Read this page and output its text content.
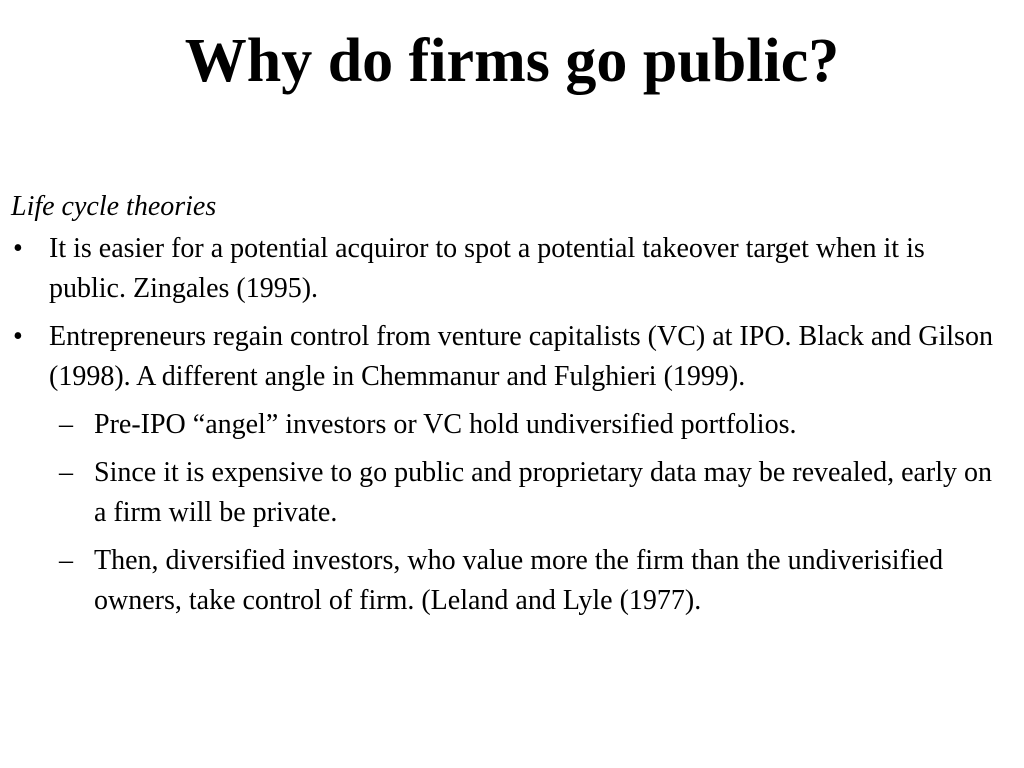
Why do firms go public?
Life cycle theories
• It is easier for a potential acquiror to spot a potential takeover target when it is public. Zingales (1995).
• Entrepreneurs regain control from venture capitalists (VC) at IPO. Black and Gilson (1998). A different angle in Chemmanur and Fulghieri (1999).
– Pre-IPO “angel” investors or VC hold undiversified portfolios.
– Since it is expensive to go public and proprietary data may be revealed, early on a firm will be private.
– Then, diversified investors, who value more the firm than the undiverisified owners, take control of firm. (Leland and Lyle (1977).
